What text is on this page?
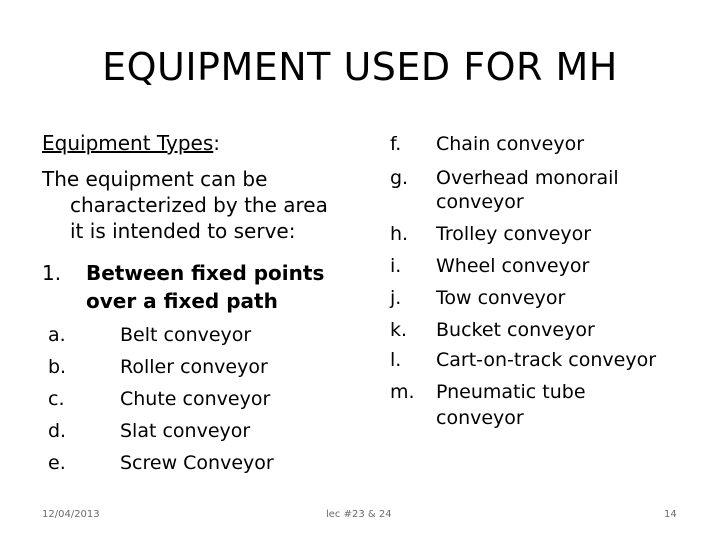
EQUIPMENT USED FOR MH
Equipment Types:
The equipment can be
characterized by the area
it is intended to serve:
1. Between fixed points
over a fixed path
a.	Belt conveyor
b.	Roller conveyor
c.	Chute conveyor
d.	Slat conveyor
e.	Screw Conveyor
f. Chain conveyor
g. Overhead monorail
conveyor
h. Trolley conveyor
i. Wheel conveyor
j. Tow conveyor
k. Bucket conveyor
l. Cart-on-track conveyor
m. Pneumatic tube
conveyor
12/04/2013	lec #23 & 24	14
